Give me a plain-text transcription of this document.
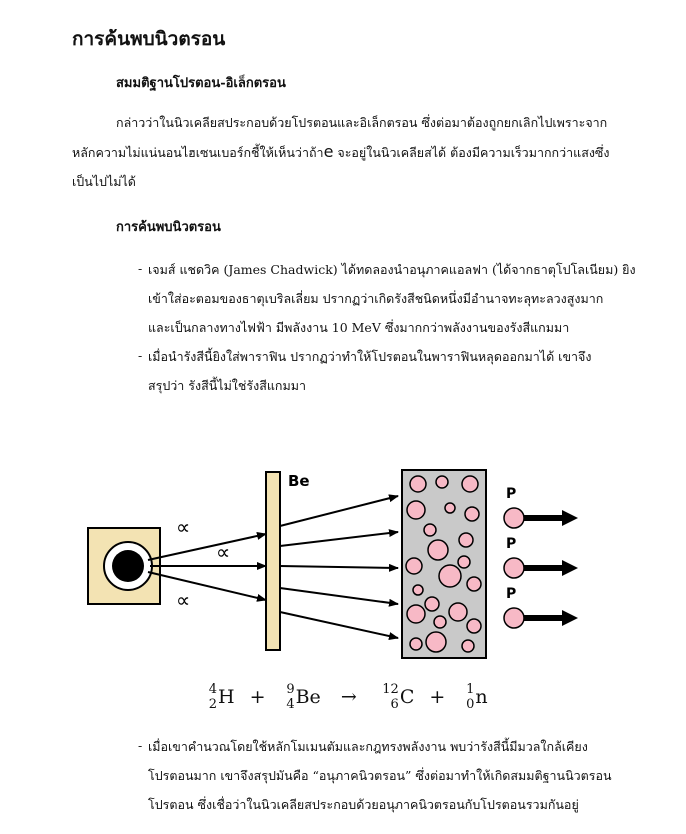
การค้นพบนิวตรอน
สมมติฐานโปรตอน-อิเล็กตรอน
กล่าวว่าในนิวเคลียสประกอบด้วยโปรตอนและอิเล็กตรอน ซึ่งต่อมาต้องถูกยกเลิกไปเพราะจาก
หลักความไม่แน่นอนไฮเซนเบอร์กชี้ให้เห็นว่าถ้าe จะอยู่ในนิวเคลียสได้ ต้องมีความเร็วมากกว่าแสงซึ่ง
เป็นไปไม่ได้
การค้นพบนิวตรอน
- เจมส์ แชดวิค (James Chadwick) ได้ทดลองนำอนุภาคแอลฟา (ได้จากธาตุโปโลเนียม) ยิง
เข้าใส่อะตอมของธาตุเบริลเลี่ยม ปรากฏว่าเกิดรังสีชนิดหนึ่งมีอำนาจทะลุทะลวงสูงมาก
และเป็นกลางทางไฟฟ้า มีพลังงาน 10 MeV ซึ่งมากกว่าพลังงานของรังสีแกมมา
- เมื่อนำรังสีนี้ยิงใส่พาราฟิน ปรากฏว่าทำให้โปรตอนในพาราฟินหลุดออกมาได้ เขาจึง
สรุปว่า รังสีนี้ไม่ใช่รังสีแกมมา
∝
∝
∝
Be
P
P
P
4
2 H + 9
4 Be → 12
6 C + 1
0 n
- เมื่อเขาคำนวณโดยใช้หลักโมเมนตัมและกฎทรงพลังงาน พบว่ารังสีนี้มีมวลใกล้เคียง
โปรตอนมาก เขาจึงสรุปมันคือ “อนุภาคนิวตรอน” ซึ่งต่อมาทำให้เกิดสมมติฐานนิวตรอน
โปรตอน ซึ่งเชื่อว่าในนิวเคลียสประกอบด้วยอนุภาคนิวตรอนกับโปรตอนรวมกันอยู่
